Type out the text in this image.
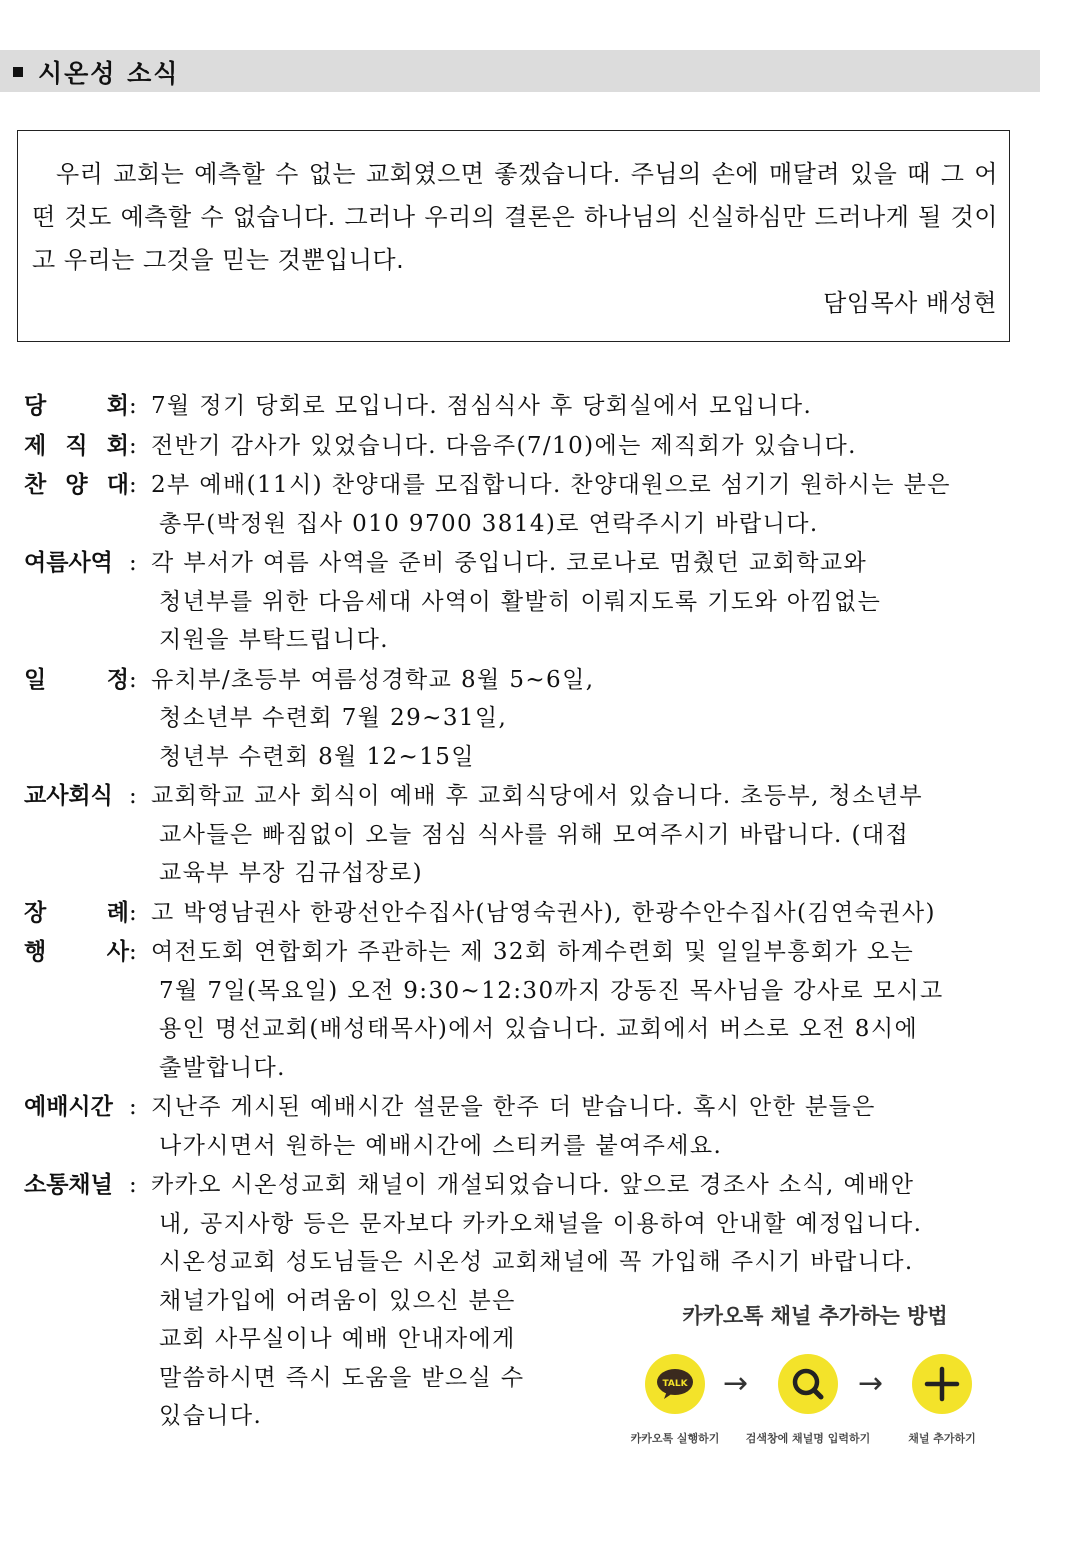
시온성 소식
우리 교회는 예측할 수 없는 교회였으면 좋겠습니다. 주님의 손에 매달려 있을 때 그 어떤 것도 예측할 수 없습니다. 그러나 우리의 결론은 하나님의 신실하심만 드러나게 될 것이고 우리는 그것을 믿는 것뿐입니다.
담임목사 배성현
당	회 : 7월 정기 당회로 모입니다. 점심식사 후 당회실에서 모입니다.

제 직 회 : 전반기 감사가 있었습니다. 다음주(7/10)에는 제직회가 있습니다.

찬 양 대 : 2부 예배(11시) 찬양대를 모집합니다. 찬양대원으로 섬기기 원하시는 분은

총무(박정원 집사 010 9700 3814)로 연락주시기 바랍니다.

여름사역 : 각 부서가 여름 사역을 준비 중입니다. 코로나로 멈췄던 교회학교와

청년부를 위한 다음세대 사역이 활발히 이뤄지도록 기도와 아낌없는

지원을 부탁드립니다.

일	정 : 유치부/초등부 여름성경학교 8월 5~6일,

청소년부 수련회 7월 29~31일,

청년부 수련회 8월 12~15일

교사회식 : 교회학교 교사 회식이 예배 후 교회식당에서 있습니다. 초등부, 청소년부

교사들은 빠짐없이 오늘 점심 식사를 위해 모여주시기 바랍니다. (대접

교육부 부장 김규섭장로)

장	례 : 고 박영남권사 한광선안수집사(남영숙권사), 한광수안수집사(김연숙권사)

행	사 : 여전도회 연합회가 주관하는 제 32회 하계수련회 및 일일부흥회가 오는

7월 7일(목요일) 오전 9:30~12:30까지 강동진 목사님을 강사로 모시고

용인 명선교회(배성태목사)에서 있습니다. 교회에서 버스로 오전 8시에

출발합니다.

예배시간 : 지난주 게시된 예배시간 설문을 한주 더 받습니다. 혹시 안한 분들은

나가시면서 원하는 예배시간에 스티커를 붙여주세요.

소통채널 : 카카오 시온성교회 채널이 개설되었습니다. 앞으로 경조사 소식, 예배안

내, 공지사항 등은 문자보다 카카오채널을 이용하여 안내할 예정입니다.

시온성교회 성도님들은 시온성 교회채널에 꼭 가입해 주시기 바랍니다.

채널가입에 어려움이 있으신 분은

교회 사무실이나 예배 안내자에게

말씀하시면 즉시 도움을 받으실 수

있습니다.

카카오톡 채널 추가하는 방법
TALK →	→
카카오톡 실행하기	검색창에 채널명 입력하기	채널 추가하기
